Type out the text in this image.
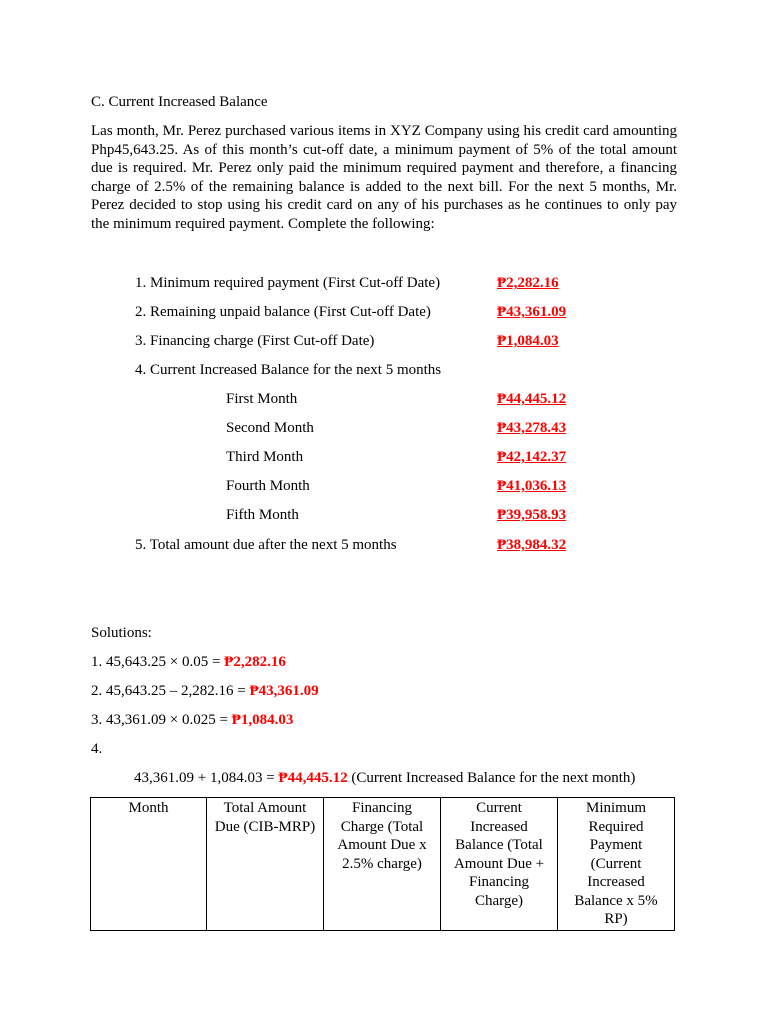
C. Current Increased Balance
Las month, Mr. Perez purchased various items in XYZ Company using his credit card amounting Php45,643.25. As of this month’s cut-off date, a minimum payment of 5% of the total amount due is required. Mr. Perez only paid the minimum required payment and therefore, a financing charge of 2.5% of the remaining balance is added to the next bill. For the next 5 months, Mr. Perez decided to stop using his credit card on any of his purchases as he continues to only pay the minimum required payment. Complete the following:
1. Minimum required payment (First Cut-off Date)	₱2,282.16
2. Remaining unpaid balance (First Cut-off Date)	₱43,361.09
3. Financing charge (First Cut-off Date)	₱1,084.03
4. Current Increased Balance for the next 5 months
First Month	₱44,445.12
Second Month	₱43,278.43
Third Month	₱42,142.37
Fourth Month	₱41,036.13
Fifth Month	₱39,958.93
5. Total amount due after the next 5 months	₱38,984.32
Solutions:
1. 45,643.25 × 0.05 = ₱2,282.16
2. 45,643.25 – 2,282.16 = ₱43,361.09
3. 43,361.09 × 0.025 = ₱1,084.03
4.
43,361.09 + 1,084.03 = ₱44,445.12 (Current Increased Balance for the next month)
Month	Total Amount Due (CIB-MRP)	Financing Charge (Total Amount Due x 2.5% charge)	Current Increased Balance (Total Amount Due + Financing Charge)	Minimum Required Payment (Current Increased Balance x 5% RP)
